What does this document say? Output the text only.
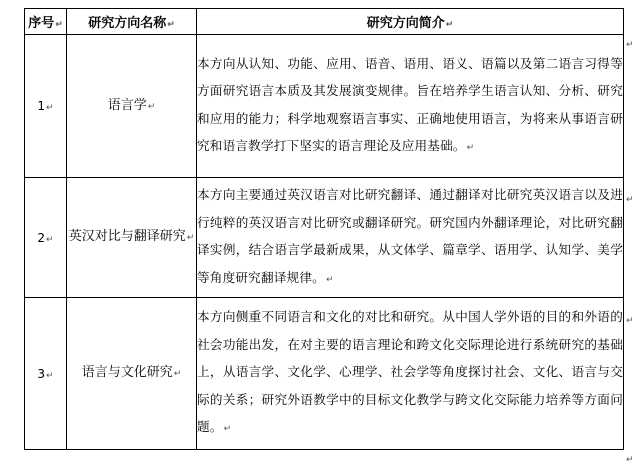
序号↵	研究方向名称↵	研究方向简介↵
1↵	语言学↵	本方向从认知、功能、应用、语音、语用、语义、语篇以及第二语言习得等方面研究语言本质及其发展演变规律。旨在培养学生语言认知、分析、研究和应用的能力；科学地观察语言事实、正确地使用语言，为将来从事语言研究和语言教学打下坚实的语言理论及应用基础。↵
2↵	英汉对比与翻译研究↵	本方向主要通过英汉语言对比研究翻译、通过翻译对比研究英汉语言以及进行纯粹的英汉语言对比研究或翻译研究。研究国内外翻译理论，对比研究翻译实例，结合语言学最新成果，从文体学、篇章学、语用学、认知学、美学等角度研究翻译规律。↵
3↵	语言与文化研究↵	本方向侧重不同语言和文化的对比和研究。从中国人学外语的目的和外语的社会功能出发，在对主要的语言理论和跨文化交际理论进行系统研究的基础上，从语言学、文化学、心理学、社会学等角度探讨社会、文化、语言与交际的关系；研究外语教学中的目标文化教学与跨文化交际能力培养等方面问题。↵
↵
↵
↵
↵
